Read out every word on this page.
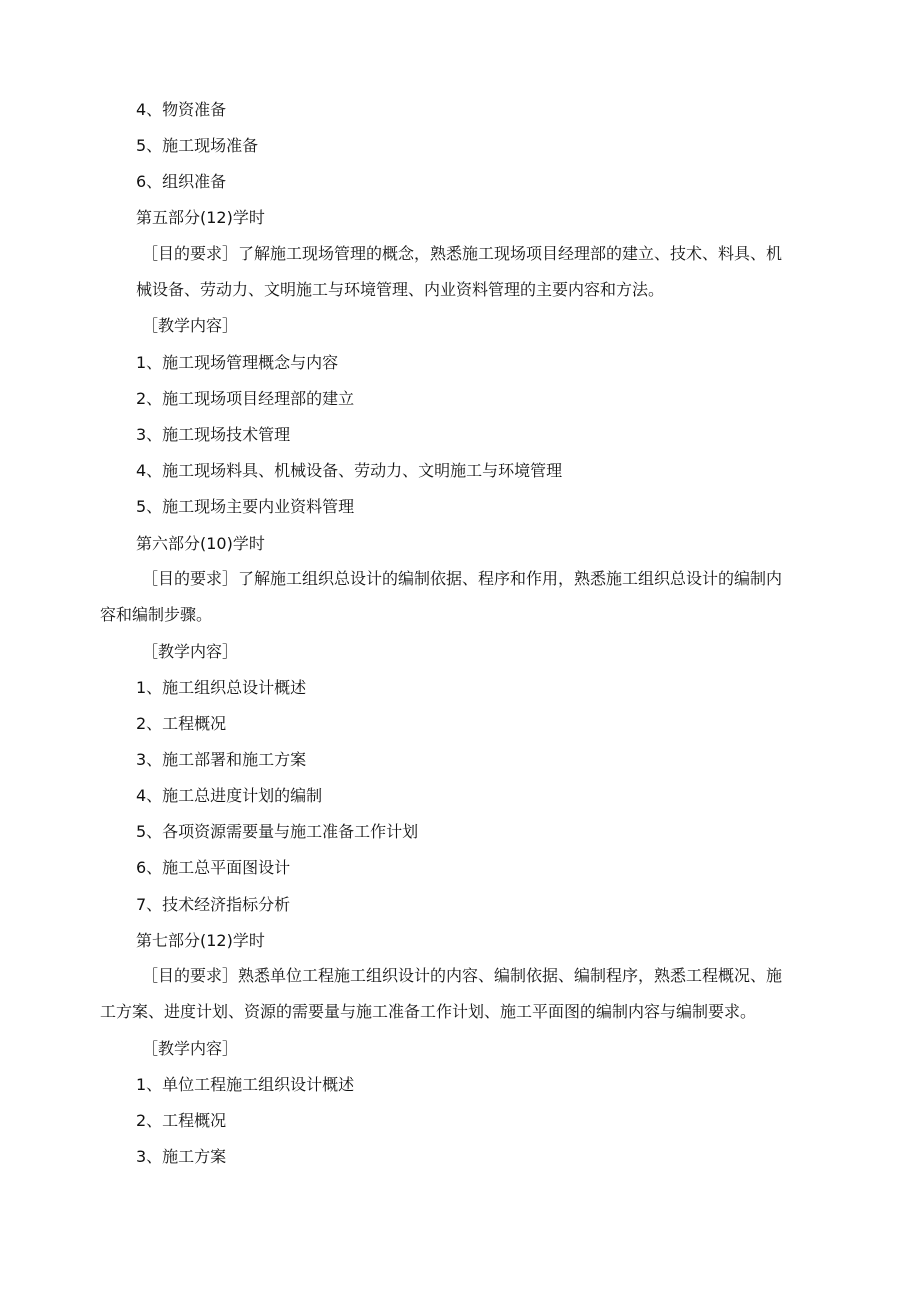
4、物资准备
5、施工现场准备
6、组织准备
第五部分(12)学时
［目的要求］了解施工现场管理的概念，熟悉施工现场项目经理部的建立、技术、料具、机
械设备、劳动力、文明施工与环境管理、内业资料管理的主要内容和方法。
［教学内容］
1、施工现场管理概念与内容
2、施工现场项目经理部的建立
3、施工现场技术管理
4、施工现场料具、机械设备、劳动力、文明施工与环境管理
5、施工现场主要内业资料管理
第六部分(10)学时
［目的要求］了解施工组织总设计的编制依据、程序和作用，熟悉施工组织总设计的编制内
容和编制步骤。
［教学内容］
1、施工组织总设计概述
2、工程概况
3、施工部署和施工方案
4、施工总进度计划的编制
5、各项资源需要量与施工准备工作计划
6、施工总平面图设计
7、技术经济指标分析
第七部分(12)学时
［目的要求］熟悉单位工程施工组织设计的内容、编制依据、编制程序，熟悉工程概况、施
工方案、进度计划、资源的需要量与施工准备工作计划、施工平面图的编制内容与编制要求。
［教学内容］
1、单位工程施工组织设计概述
2、工程概况
3、施工方案
